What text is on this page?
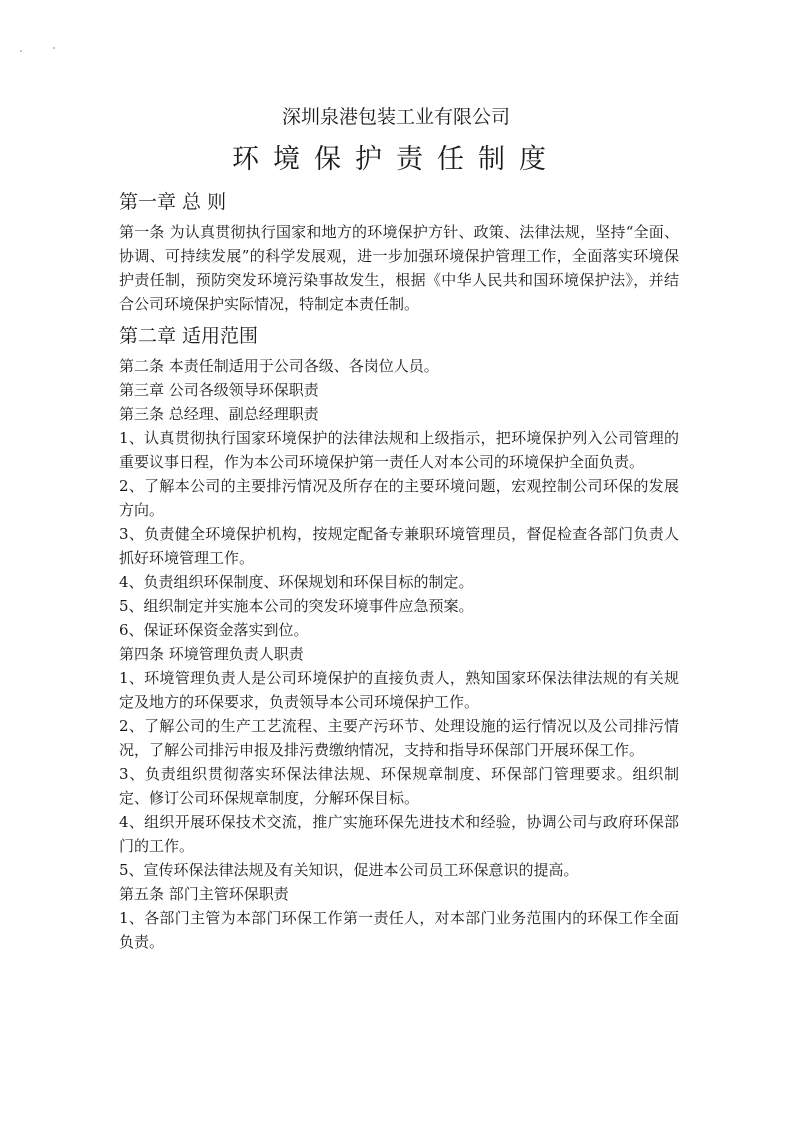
深圳泉港包装工业有限公司
环境保护责任制度
第一章 总 则

第一条 为认真贯彻执行国家和地方的环境保护方针、政策、法律法规，坚持“全面、协调、可持续发展”的科学发展观，进一步加强环境保护管理工作，全面落实环境保护责任制，预防突发环境污染事故发生，根据《中华人民共和国环境保护法》，并结合公司环境保护实际情况，特制定本责任制。

第二章 适用范围

第二条 本责任制适用于公司各级、各岗位人员。

第三章 公司各级领导环保职责

第三条 总经理、副总经理职责

1、认真贯彻执行国家环境保护的法律法规和上级指示，把环境保护列入公司管理的重要议事日程，作为本公司环境保护第一责任人对本公司的环境保护全面负责。

2、了解本公司的主要排污情况及所存在的主要环境问题，宏观控制公司环保的发展方向。

3、负责健全环境保护机构，按规定配备专兼职环境管理员，督促检查各部门负责人抓好环境管理工作。

4、负责组织环保制度、环保规划和环保目标的制定。

5、组织制定并实施本公司的突发环境事件应急预案。

6、保证环保资金落实到位。

第四条 环境管理负责人职责

1、环境管理负责人是公司环境保护的直接负责人，熟知国家环保法律法规的有关规定及地方的环保要求，负责领导本公司环境保护工作。

2、了解公司的生产工艺流程、主要产污环节、处理设施的运行情况以及公司排污情况，了解公司排污申报及排污费缴纳情况，支持和指导环保部门开展环保工作。

3、负责组织贯彻落实环保法律法规、环保规章制度、环保部门管理要求。组织制定、修订公司环保规章制度，分解环保目标。

4、组织开展环保技术交流，推广实施环保先进技术和经验，协调公司与政府环保部门的工作。

5、宣传环保法律法规及有关知识，促进本公司员工环保意识的提高。

第五条 部门主管环保职责

1、各部门主管为本部门环保工作第一责任人，对本部门业务范围内的环保工作全面负责。
